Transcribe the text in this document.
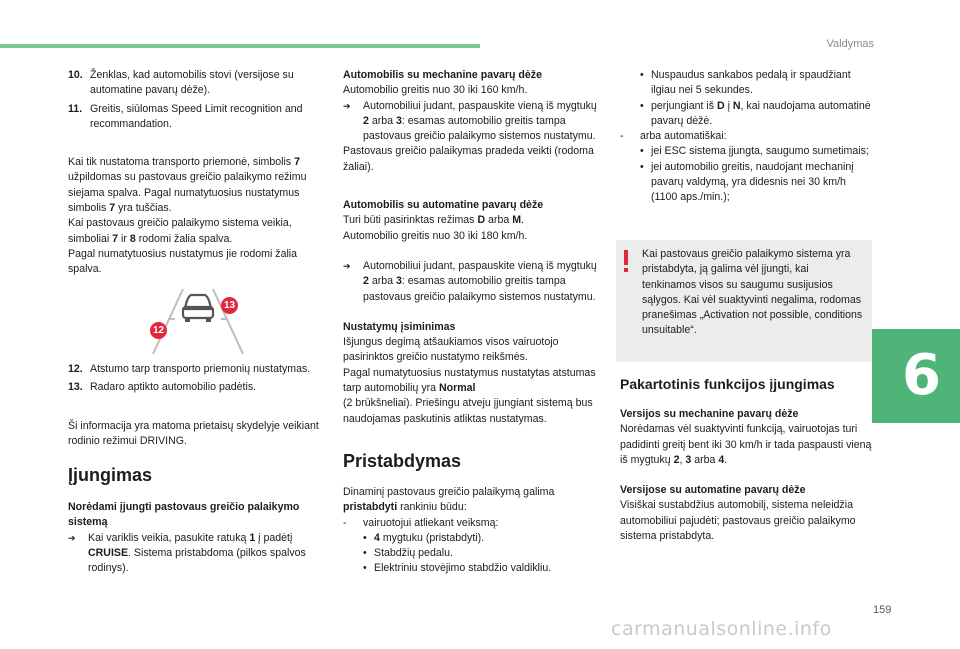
Valdymas
6
159
10. Ženklas, kad automobilis stovi (versijose su automatine pavarų dėže).
11. Greitis, siūlomas Speed Limit recognition and recommandation.

Kai tik nustatoma transporto priemonė, simbolis 7 užpildomas su pastovaus greičio palaikymo režimu siejama spalva. Pagal numatytuosius nustatymus simbolis 7 yra tuščias.

Kai pastovaus greičio palaikymo sistema veikia, simboliai 7 ir 8 rodomi žalia spalva.

Pagal numatytuosius nustatymus jie rodomi žalia spalva.

13
12
12. Atstumo tarp transporto priemonių nustatymas.
13. Radaro aptikto automobilio padėtis.

Ši informacija yra matoma prietaisų skydelyje veikiant rodinio režimui DRIVING.

Įjungimas
Norėdami įjungti pastovaus greičio palaikymo sistemą
➔ Kai variklis veikia, pasukite ratuką 1 į padėtį CRUISE. Sistema pristabdoma (pilkos spalvos rodinys).
Automobilis su mechanine pavarų dėže

Automobilio greitis nuo 30 iki 160 km/h.

➔ Automobiliui judant, paspauskite vieną iš mygtukų 2 arba 3: esamas automobilio greitis tampa pastovaus greičio palaikymo sistemos nustatymu.

Pastovaus greičio palaikymas pradeda veikti (rodoma žaliai).

Automobilis su automatine pavarų dėže

Turi būti pasirinktas režimas D arba M.

Automobilio greitis nuo 30 iki 180 km/h.

➔ Automobiliui judant, paspauskite vieną iš mygtukų 2 arba 3: esamas automobilio greitis tampa pastovaus greičio palaikymo sistemos nustatymu.
Nustatymų įsiminimas

Išjungus degimą atšaukiamos visos vairuotojo pasirinktos greičio nustatymo reikšmės.

Pagal numatytuosius nustatymus nustatytas atstumas tarp automobilių yra Normal
(2 brūkšneliai). Priešingu atveju įjungiant sistemą bus naudojamas paskutinis atliktas nustatymas.

Pristabdymas

Dinaminį pastovaus greičio palaikymą galima pristabdyti rankiniu būdu:

- vairuotojui atliekant veiksmą:
• 4 mygtuku (pristabdyti).
• Stabdžių pedalu.
• Elektriniu stovėjimo stabdžio valdikliu.
• Nuspaudus sankabos pedalą ir spaudžiant ilgiau nei 5 sekundes.
• perjungiant iš D į N, kai naudojama automatinė pavarų dėžė.
- arba automatiškai:
• jei ESC sistema įjungta, saugumo sumetimais;
• jei automobilio greitis, naudojant mechaninį pavarų valdymą, yra didesnis nei 30 km/h (1100 aps./min.);
Kai pastovaus greičio palaikymo sistema yra pristabdyta, ją galima vėl įjungti, kai tenkinamos visos su saugumu susijusios sąlygos. Kai vėl suaktyvinti negalima, rodomas pranešimas „Activation not possible, conditions unsuitable“.
Pakartotinis funkcijos įjungimas
Versijos su mechanine pavarų dėže

Norėdamas vėl suaktyvinti funkciją, vairuotojas turi padidinti greitį bent iki 30 km/h ir tada paspausti vieną iš mygtukų 2, 3 arba 4.

Versijose su automatine pavarų dėže

Visiškai sustabdžius automobilį, sistema neleidžia automobiliui pajudėti; pastovaus greičio palaikymo sistema pristabdyta.

carmanualsonline.info
